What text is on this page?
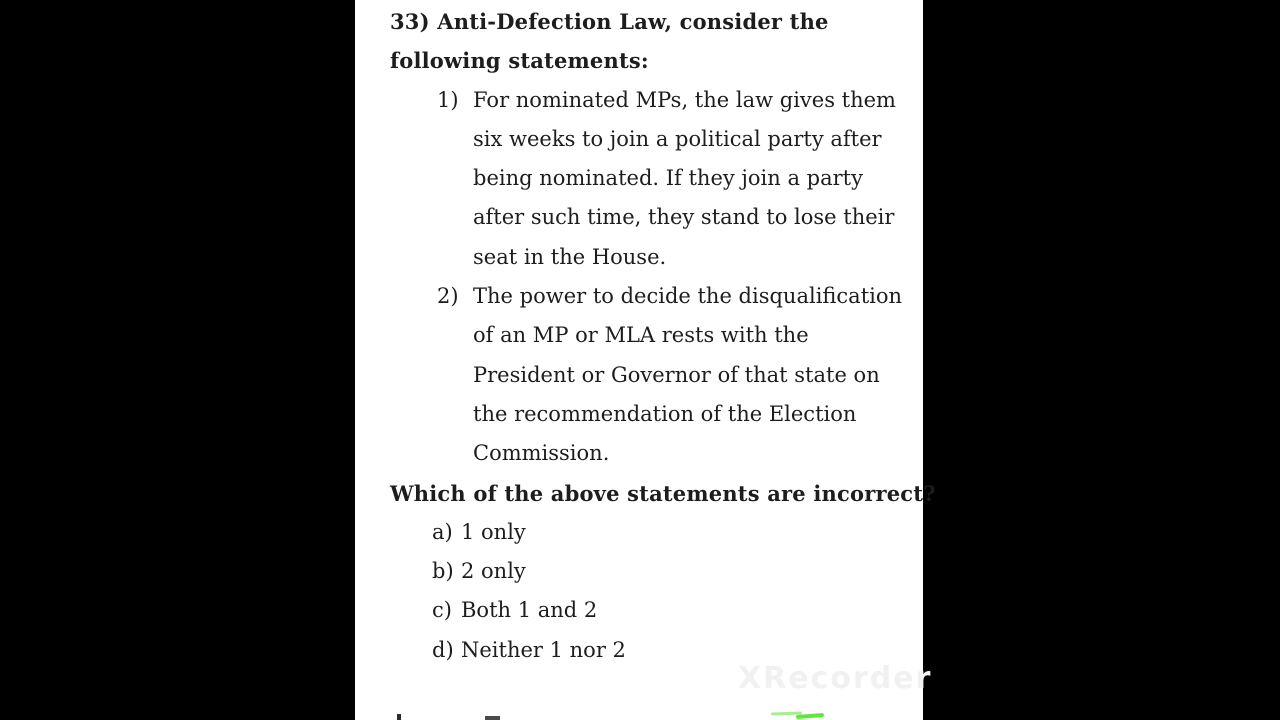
33) Anti-Defection Law, consider the
following statements:
1) For nominated MPs, the law gives them
six weeks to join a political party after
being nominated. If they join a party
after such time, they stand to lose their
seat in the House.
2) The power to decide the disqualification
of an MP or MLA rests with the
President or Governor of that state on
the recommendation of the Election
Commission.
Which of the above statements are incorrect?
a) 1 only
b) 2 only
c) Both 1 and 2
d) Neither 1 nor 2
XRecorder
